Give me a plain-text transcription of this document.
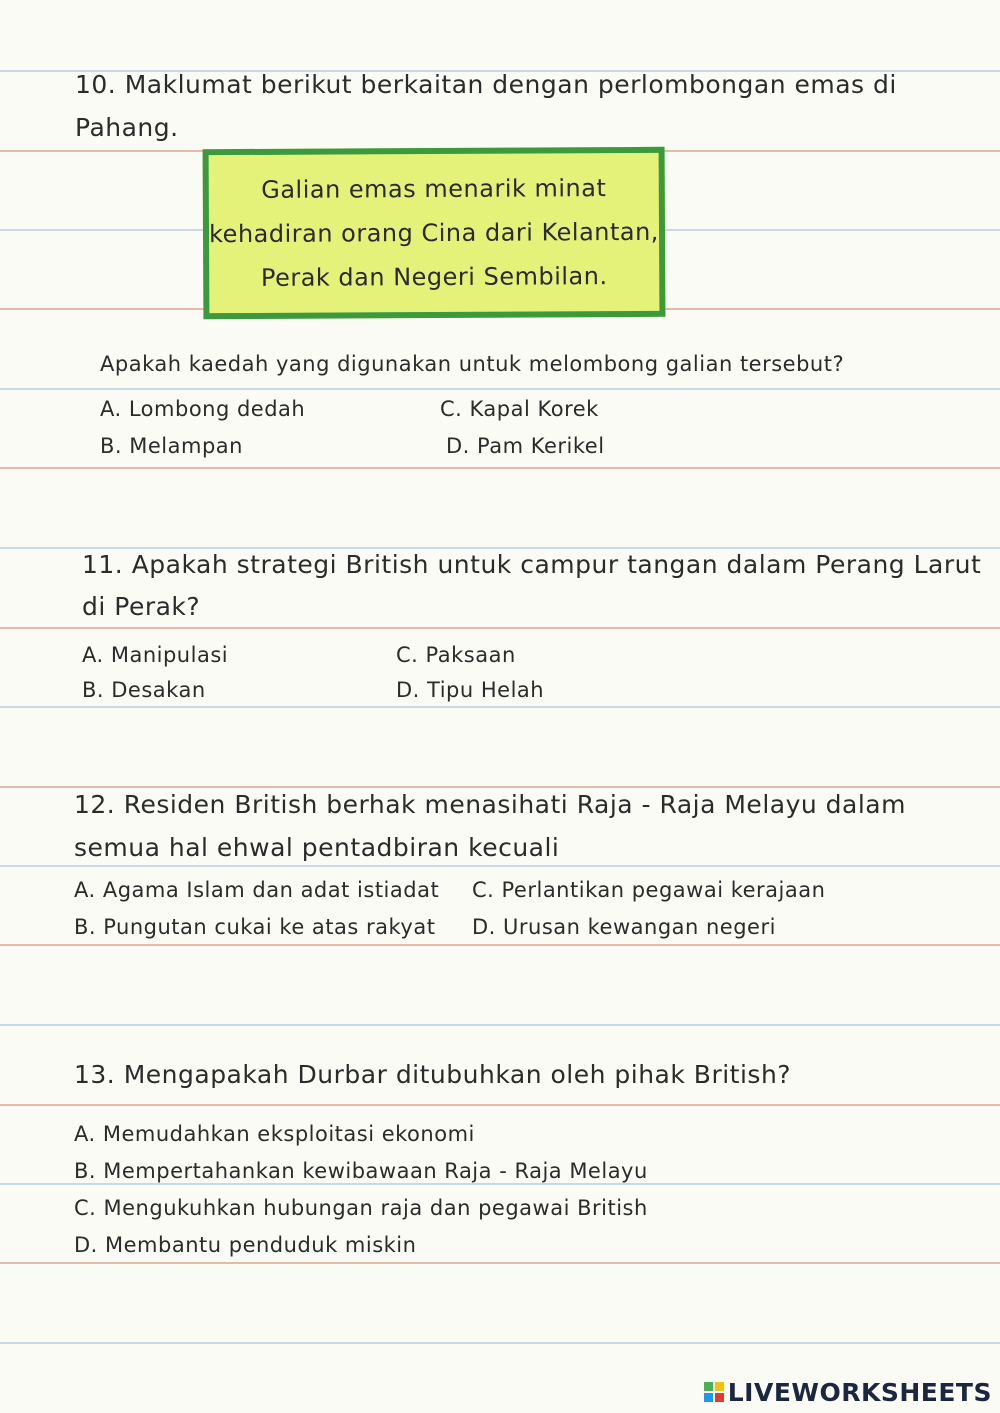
10. Maklumat berikut berkaitan dengan perlombongan emas di
Pahang.
Galian emas menarik minat
kehadiran orang Cina dari Kelantan,
Perak dan Negeri Sembilan.
Apakah kaedah yang digunakan untuk melombong galian tersebut?
A. Lombong dedah	C. Kapal Korek
B. Melampan	D. Pam Kerikel
11. Apakah strategi British untuk campur tangan dalam Perang Larut
di Perak?
A. Manipulasi	C. Paksaan
B. Desakan	D. Tipu Helah
12. Residen British berhak menasihati Raja - Raja Melayu dalam
semua hal ehwal pentadbiran kecuali
A. Agama Islam dan adat istiadat C. Perlantikan pegawai kerajaan
B. Pungutan cukai ke atas rakyat D. Urusan kewangan negeri
13. Mengapakah Durbar ditubuhkan oleh pihak British?
A. Memudahkan eksploitasi ekonomi
B. Mempertahankan kewibawaan Raja - Raja Melayu
C. Mengukuhkan hubungan raja dan pegawai British
D. Membantu penduduk miskin
LIVEWORKSHEETS
